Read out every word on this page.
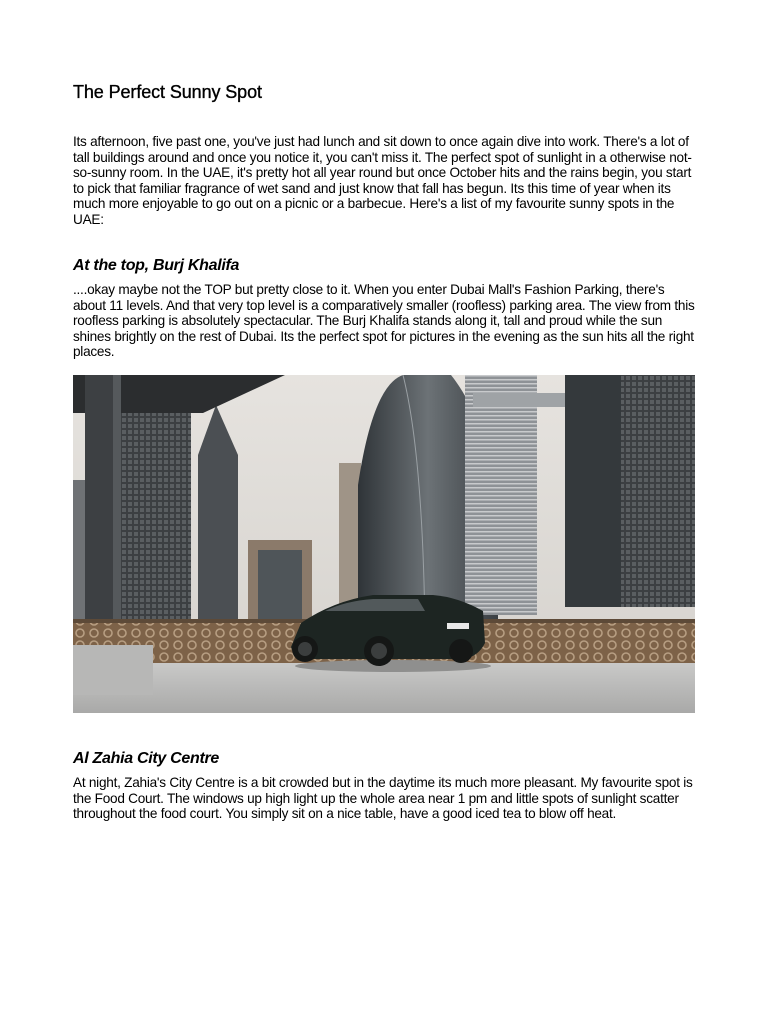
The Perfect Sunny Spot

Its afternoon, five past one, you've just had lunch and sit down to once again dive into work. There's a lot of tall buildings around and once you notice it, you can't miss it. The perfect spot of sunlight in a otherwise not-so-sunny room. In the UAE, it's pretty hot all year round but once October hits and the rains begin, you start to pick that familiar fragrance of wet sand and just know that fall has begun. Its this time of year when its much more enjoyable to go out on a picnic or a barbecue. Here's a list of my favourite sunny spots in the UAE:

At the top, Burj Khalifa

....okay maybe not the TOP but pretty close to it. When you enter Dubai Mall's Fashion Parking, there's about 11 levels. And that very top level is a comparatively smaller (roofless) parking area. The view from this roofless parking is absolutely spectacular. The Burj Khalifa stands along it, tall and proud while the sun shines brightly on the rest of Dubai. Its the perfect spot for pictures in the evening as the sun hits all the right places.

Al Zahia City Centre

At night, Zahia's City Centre is a bit crowded but in the daytime its much more pleasant. My favourite spot is the Food Court. The windows up high light up the whole area near 1 pm and little spots of sunlight scatter throughout the food court. You simply sit on a nice table, have a good iced tea to blow off heat.
